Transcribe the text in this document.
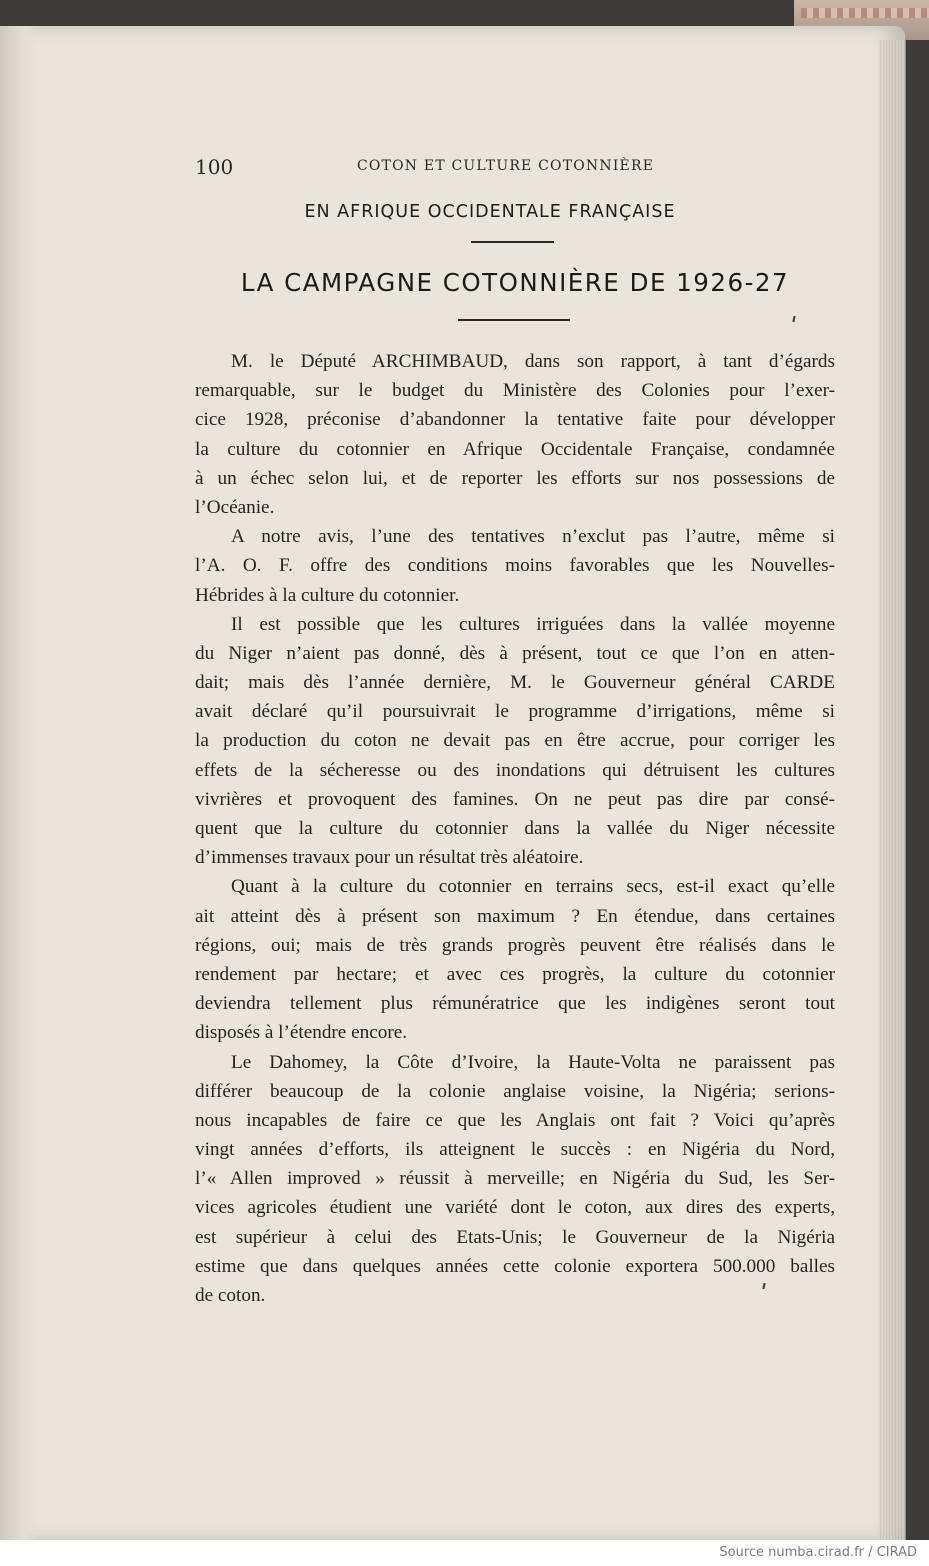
100	COTON ET CULTURE COTONNIÈRE
EN AFRIQUE OCCIDENTALE FRANÇAISE
LA CAMPAGNE COTONNIÈRE DE 1926-27
M. le Député ARCHIMBAUD, dans son rapport, à tant d’égards
remarquable, sur le budget du Ministère des Colonies pour l’exer-
cice 1928, préconise d’abandonner la tentative faite pour développer
la culture du cotonnier en Afrique Occidentale Française, condamnée
à un échec selon lui, et de reporter les efforts sur nos possessions de
l’Océanie.
A notre avis, l’une des tentatives n’exclut pas l’autre, même si
l’A. O. F. offre des conditions moins favorables que les Nouvelles-
Hébrides à la culture du cotonnier.
Il est possible que les cultures irriguées dans la vallée moyenne
du Niger n’aient pas donné, dès à présent, tout ce que l’on en atten-
dait; mais dès l’année dernière, M. le Gouverneur général CARDE
avait déclaré qu’il poursuivrait le programme d’irrigations, même si
la production du coton ne devait pas en être accrue, pour corriger les
effets de la sécheresse ou des inondations qui détruisent les cultures
vivrières et provoquent des famines. On ne peut pas dire par consé-
quent que la culture du cotonnier dans la vallée du Niger nécessite
d’immenses travaux pour un résultat très aléatoire.
Quant à la culture du cotonnier en terrains secs, est-il exact qu’elle
ait atteint dès à présent son maximum ? En étendue, dans certaines
régions, oui; mais de très grands progrès peuvent être réalisés dans le
rendement par hectare; et avec ces progrès, la culture du cotonnier
deviendra tellement plus rémunératrice que les indigènes seront tout
disposés à l’étendre encore.
Le Dahomey, la Côte d’Ivoire, la Haute-Volta ne paraissent pas
différer beaucoup de la colonie anglaise voisine, la Nigéria; serions-
nous incapables de faire ce que les Anglais ont fait ? Voici qu’après
vingt années d’efforts, ils atteignent le succès : en Nigéria du Nord,
l’« Allen improved » réussit à merveille; en Nigéria du Sud, les Ser-
vices agricoles étudient une variété dont le coton, aux dires des experts,
est supérieur à celui des Etats-Unis; le Gouverneur de la Nigéria
estime que dans quelques années cette colonie exportera 500.000 balles
de coton.
Source numba.cirad.fr / CIRAD
